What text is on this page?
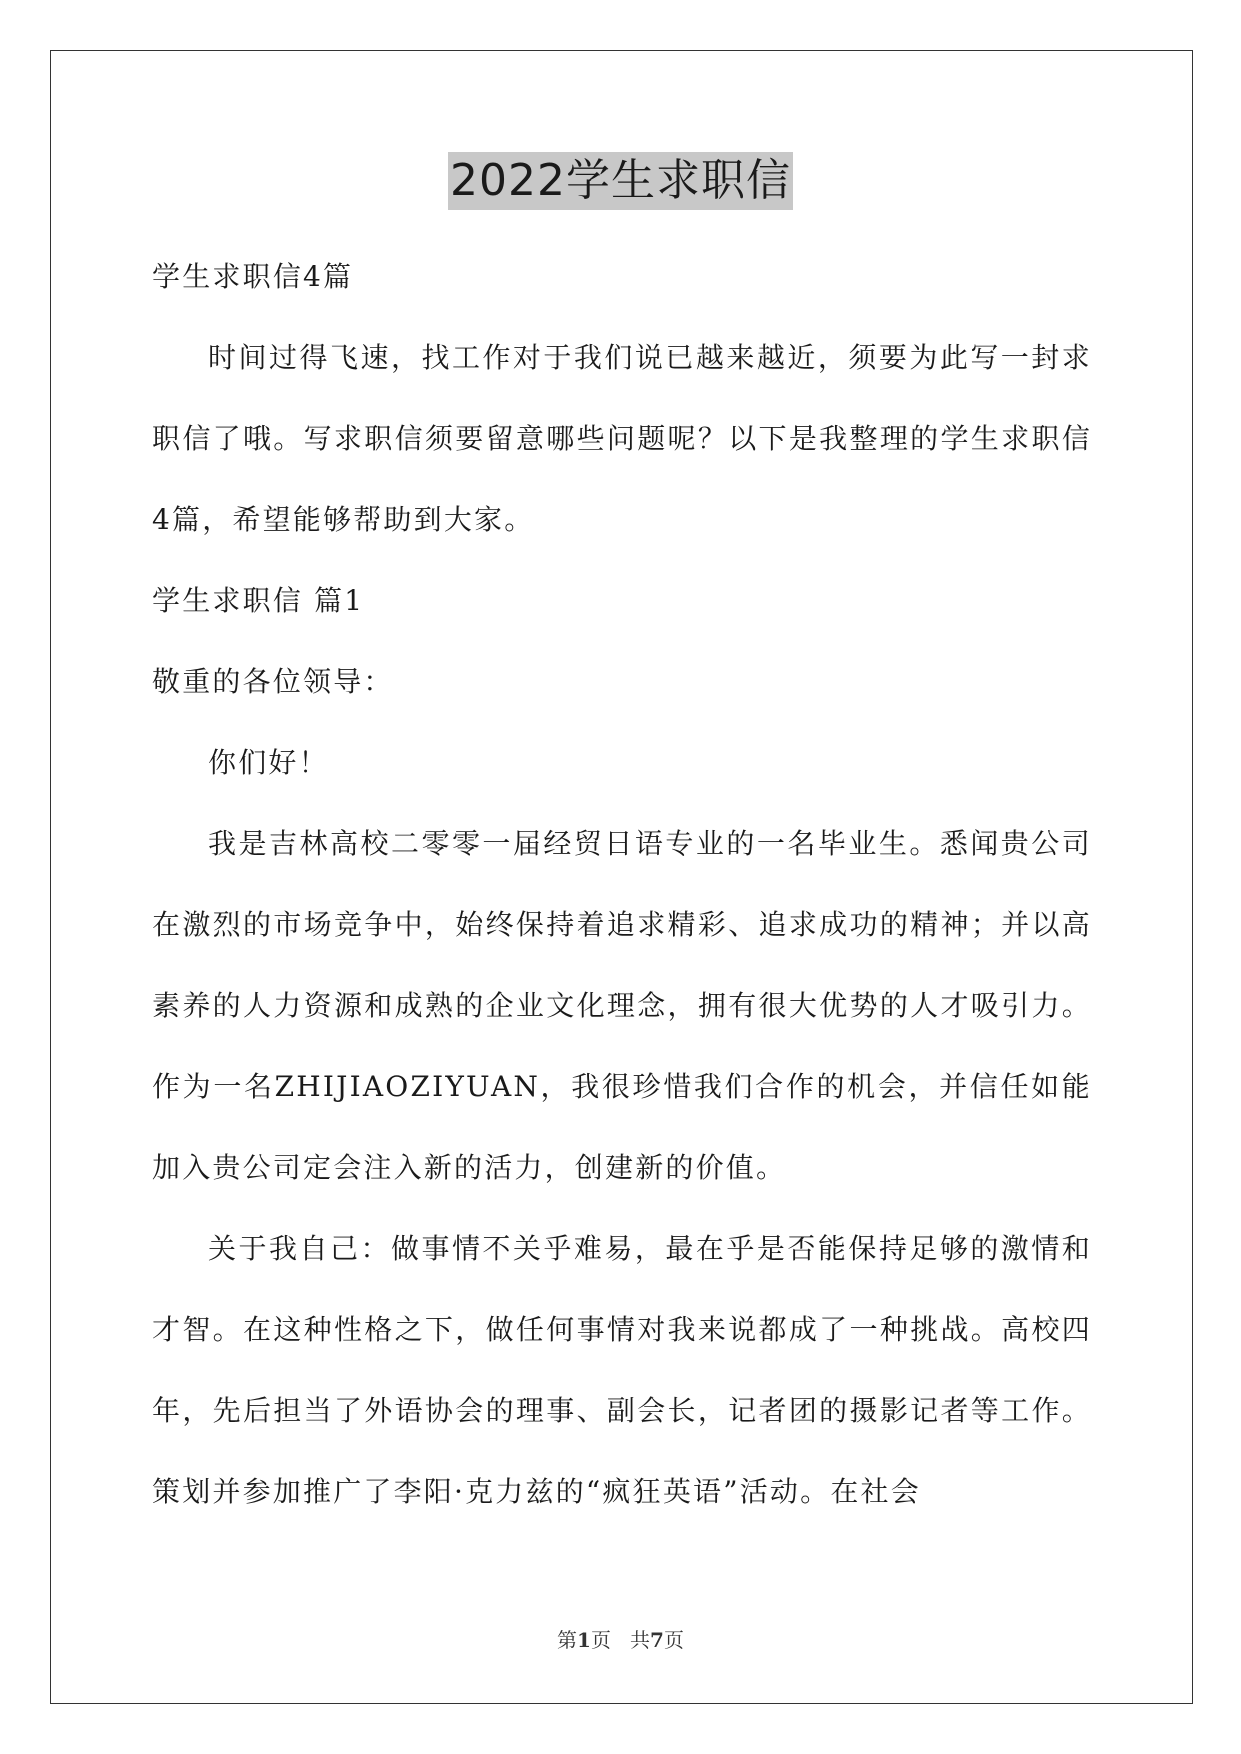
2022学生求职信

学生求职信4篇

时间过得飞速，找工作对于我们说已越来越近，须要为此写一封求职信了哦。写求职信须要留意哪些问题呢？以下是我整理的学生求职信4篇，希望能够帮助到大家。

学生求职信 篇1

敬重的各位领导：

你们好！

我是吉林高校二零零一届经贸日语专业的一名毕业生。悉闻贵公司在激烈的市场竞争中，始终保持着追求精彩、追求成功的精神；并以高素养的人力资源和成熟的企业文化理念，拥有很大优势的人才吸引力。作为一名ZHIJIAOZIYUAN，我很珍惜我们合作的机会，并信任如能加入贵公司定会注入新的活力，创建新的价值。

关于我自己：做事情不关乎难易，最在乎是否能保持足够的激情和才智。在这种性格之下，做任何事情对我来说都成了一种挑战。高校四年，先后担当了外语协会的理事、副会长，记者团的摄影记者等工作。策划并参加推广了李阳·克力兹的“疯狂英语”活动。在社会

第1页 共7页
